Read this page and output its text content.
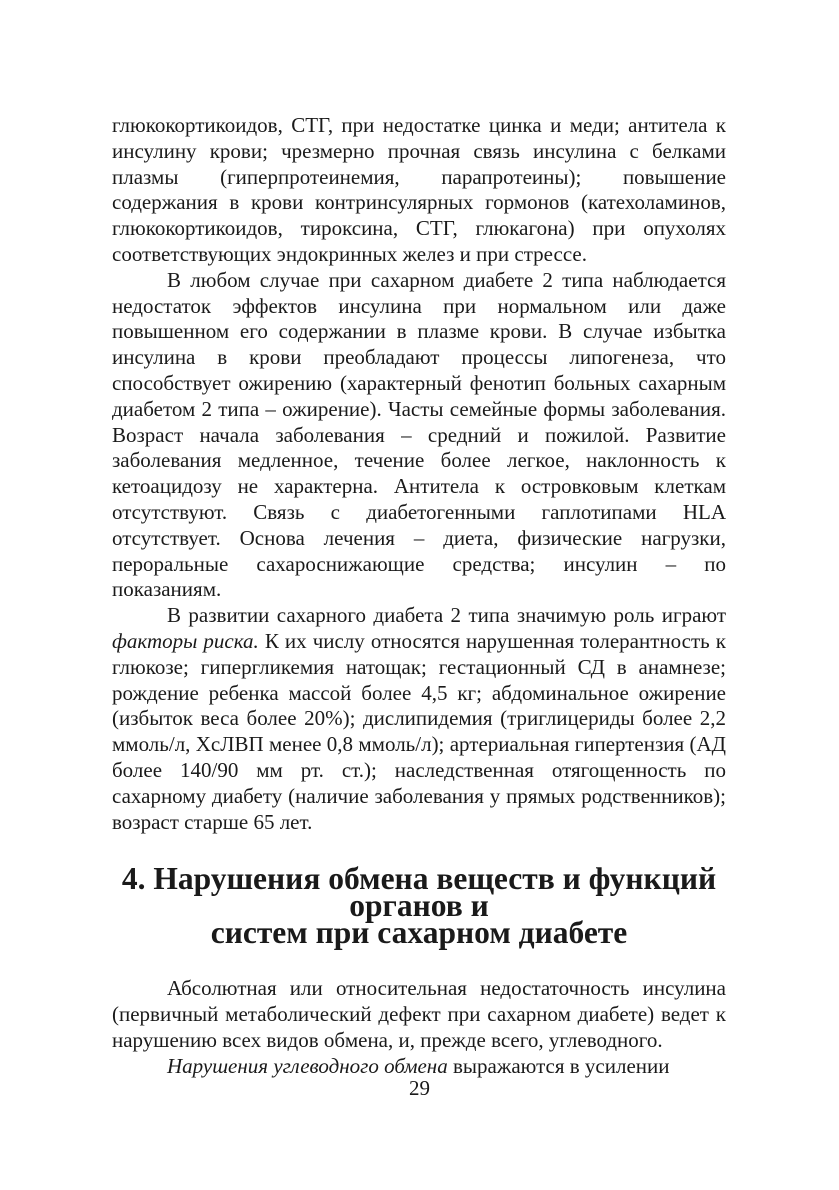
глюкокортикоидов, СТГ, при недостатке цинка и меди; антитела к инсулину крови; чрезмерно прочная связь инсулина с белками плазмы (гиперпротеинемия, парапротеины); повышение содержания в крови контринсулярных гормонов (катехоламинов, глюкокортикоидов, тироксина, СТГ, глюкагона) при опухолях соответствующих эндокринных желез и при стрессе.

В любом случае при сахарном диабете 2 типа наблюдается недостаток эффектов инсулина при нормальном или даже повышенном его содержании в плазме крови. В случае избытка инсулина в крови преобладают процессы липогенеза, что способствует ожирению (характерный фенотип больных сахарным диабетом 2 типа – ожирение). Часты семейные формы заболевания. Возраст начала заболевания – средний и пожилой. Развитие заболевания медленное, течение более легкое, наклонность к кетоацидозу не характерна. Антитела к островковым клеткам отсутствуют. Связь с диабетогенными гаплотипами HLA отсутствует. Основа лечения – диета, физические нагрузки, пероральные сахароснижающие средства; инсулин – по показаниям.

В развитии сахарного диабета 2 типа значимую роль играют факторы риска. К их числу относятся нарушенная толерантность к глюкозе; гипергликемия натощак; гестационный СД в анамнезе; рождение ребенка массой более 4,5 кг; абдоминальное ожирение (избыток веса более 20%); дислипидемия (триглицериды более 2,2 ммоль/л, ХсЛВП менее 0,8 ммоль/л); артериальная гипертензия (АД более 140/90 мм рт. ст.); наследственная отягощенность по сахарному диабету (наличие заболевания у прямых родственников); возраст старше 65 лет.

4. Нарушения обмена веществ и функций органов и
систем при сахарном диабете

Абсолютная или относительная недостаточность инсулина (первичный метаболический дефект при сахарном диабете) ведет к нарушению всех видов обмена, и, прежде всего, углеводного.

Нарушения углеводного обмена выражаются в усилении

29
